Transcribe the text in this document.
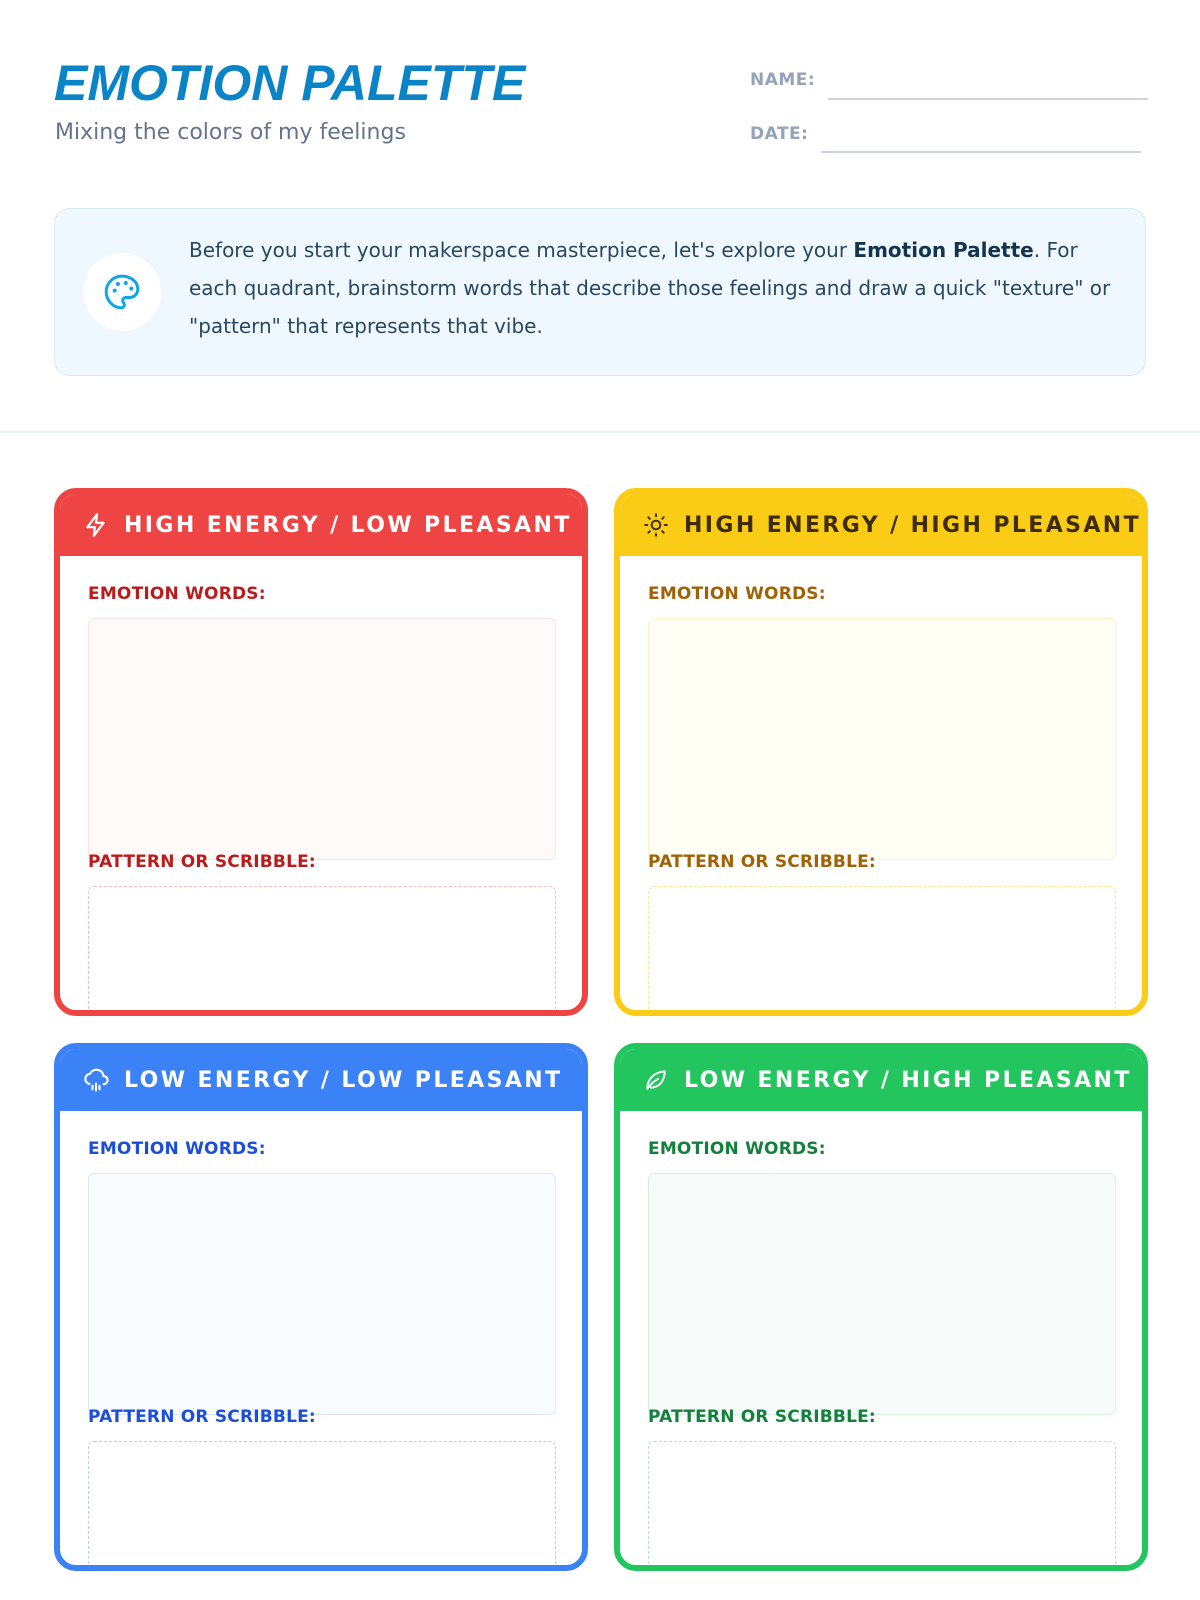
EMOTION PALETTE
Mixing the colors of my feelings
NAME:
DATE:

Before you start your makerspace masterpiece, let's explore your Emotion Palette. For each quadrant, brainstorm words that describe those feelings and draw a quick "texture" or "pattern" that represents that vibe.

HIGH ENERGY / LOW PLEASANT
EMOTION WORDS:
PATTERN OR SCRIBBLE:
HIGH ENERGY / HIGH PLEASANT
EMOTION WORDS:
PATTERN OR SCRIBBLE:
LOW ENERGY / LOW PLEASANT
EMOTION WORDS:
PATTERN OR SCRIBBLE:
LOW ENERGY / HIGH PLEASANT
EMOTION WORDS:
PATTERN OR SCRIBBLE:
